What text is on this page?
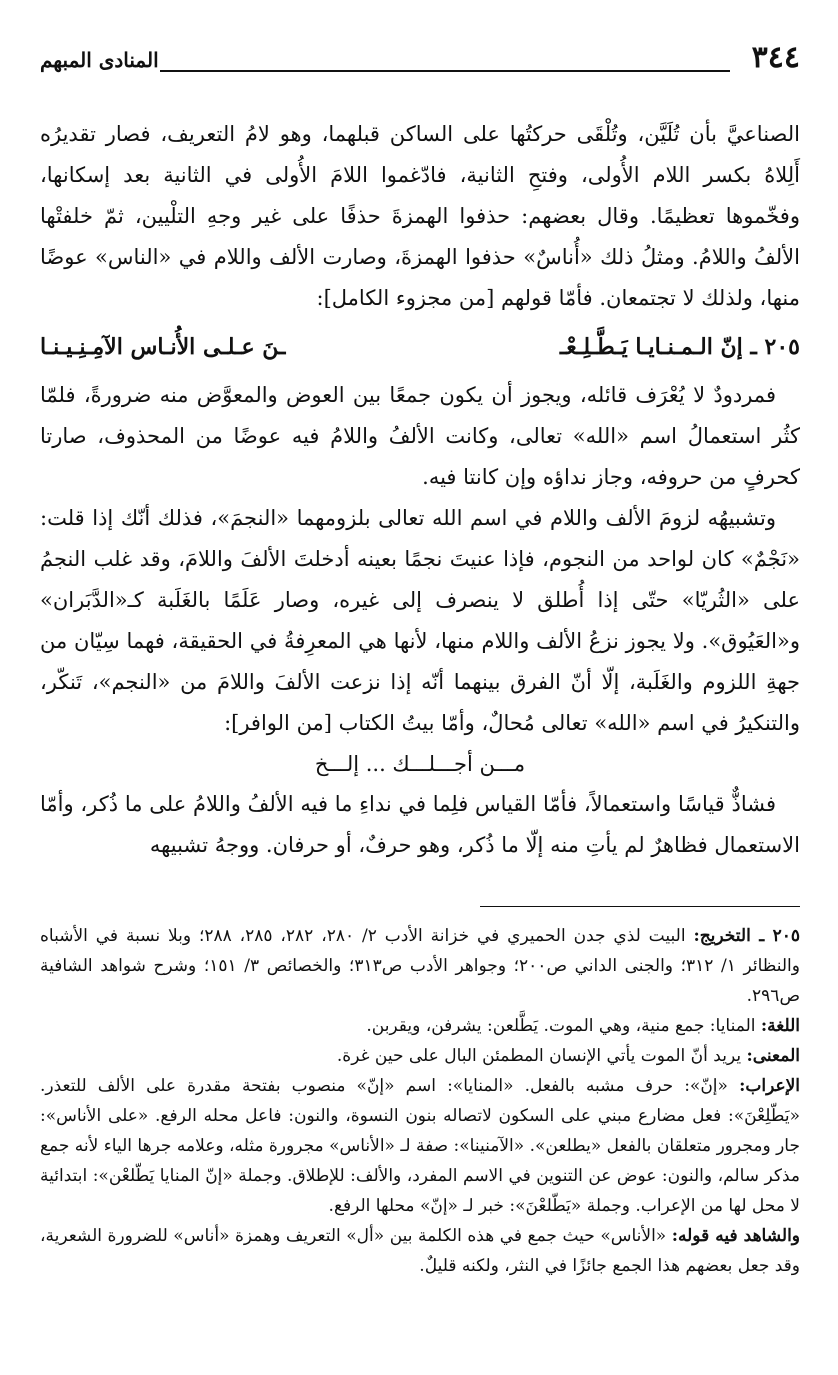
٣٤٤
المنادى المبهم

الصناعيَّ بأن تُلَيَّن، وتُلْقَى حركتُها على الساكن قبلهما، وهو لامُ التعريف، فصار تقديرُه أَلِلاهُ بكسر اللام الأُولى، وفتحِ الثانية، فادّغموا اللامَ الأُولى في الثانية بعد إسكانها، وفخّموها تعظيمًا. وقال بعضهم: حذفوا الهمزةَ حذفًا على غير وجهِ التلْيين، ثمّ خلفتْها الألفُ واللامُ. ومثلُ ذلك «أُناسٌ» حذفوا الهمزةَ، وصارت الألف واللام في «الناس» عوضًا منها، ولذلك لا تجتمعان. فأمّا قولهم [من مجزوء الكامل]:

٢٠٥ ـ إنّ الـمـنـايـا يَـطَّـلِـعْـ
ـنَ عـلـى الأُنـاس الآمِـنِـيـنـا

فمردودٌ لا يُعْرَف قائله، ويجوز أن يكون جمعًا بين العوض والمعوَّض منه ضرورةً، فلمّا كثُر استعمالُ اسم «الله» تعالى، وكانت الألفُ واللامُ فيه عوضًا من المحذوف، صارتا كحرفٍ من حروفه، وجاز نداؤه وإن كانتا فيه.

وتشبيهُه لزومَ الألف واللام في اسم الله تعالى بلزومهما «النجمَ»، فذلك أنّك إذا قلت: «نَجْمٌ» كان لواحد من النجوم، فإذا عنيتَ نجمًا بعينه أدخلتَ الألفَ واللامَ، وقد غلب النجمُ على «الثُريّا» حتّى إذا أُطلق لا ينصرف إلى غيره، وصار عَلَمًا بالغَلَبة كـ«الدَّبَران» و«العَيُوق». ولا يجوز نزعُ الألف واللام منها، لأنها هي المعرِفةُ في الحقيقة، فهما سِيّان من جهةِ اللزوم والغَلَبة، إلّا أنّ الفرق بينهما أنّه إذا نزعت الألفَ واللامَ من «النجم»، تَنكّر، والتنكيرُ في اسم «الله» تعالى مُحالٌ، وأمّا بيتُ الكتاب [من الوافر]:

مـــن أجـــلـــك ... إلـــخ

فشاذٌّ قياسًا واستعمالاً، فأمّا القياس فلِما في نداءِ ما فيه الألفُ واللامُ على ما ذُكر، وأمّا الاستعمال فظاهرٌ لم يأتِ منه إلّا ما ذُكر، وهو حرفٌ، أو حرفان. ووجهُ تشبيهه

٢٠٥ ـ التخريج: البيت لذي جدن الحميري في خزانة الأدب ٢/ ٢٨٠، ٢٨٢، ٢٨٥، ٢٨٨؛ وبلا نسبة في الأشباه والنظائر ١/ ٣١٢؛ والجنى الداني ص٢٠٠؛ وجواهر الأدب ص٣١٣؛ والخصائص ٣/ ١٥١؛ وشرح شواهد الشافية ص٢٩٦.

اللغة: المنايا: جمع منية، وهي الموت. يَطَّلعن: يشرفن، ويقربن.

المعنى: يريد أنّ الموت يأتي الإنسان المطمئن البال على حين غرة.

الإعراب: «إنّ»: حرف مشبه بالفعل. «المنايا»: اسم «إنّ» منصوب بفتحة مقدرة على الألف للتعذر. «يَطّلِعْنَ»: فعل مضارع مبني على السكون لاتصاله بنون النسوة، والنون: فاعل محله الرفع. «على الأناس»: جار ومجرور متعلقان بالفعل «يطلعن». «الآمنينا»: صفة لـ «الأناس» مجرورة مثله، وعلامه جرها الياء لأنه جمع مذكر سالم، والنون: عوض عن التنوين في الاسم المفرد، والألف: للإطلاق. وجملة «إنّ المنايا يَطّلعْن»: ابتدائية لا محل لها من الإعراب. وجملة «يَطّلعْنَ»: خبر لـ «إنّ» محلها الرفع.

والشاهد فيه قوله: «الأناس» حيث جمع في هذه الكلمة بين «أل» التعريف وهمزة «أناس» للضرورة الشعرية، وقد جعل بعضهم هذا الجمع جائزًا في النثر، ولكنه قليلٌ.
